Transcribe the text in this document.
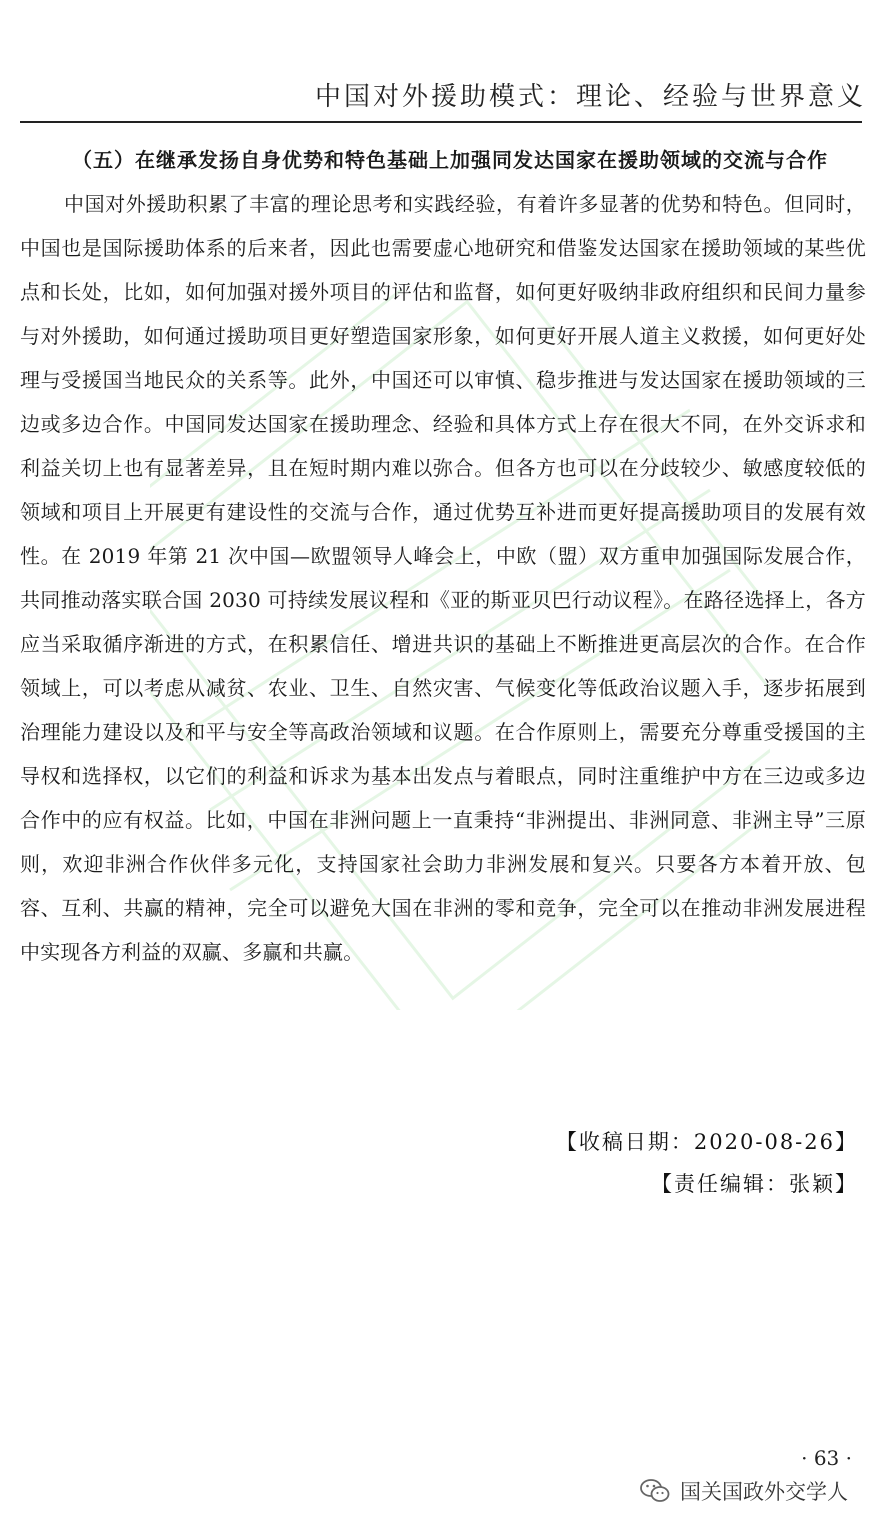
中国对外援助模式：理论、经验与世界意义
（五）在继承发扬自身优势和特色基础上加强同发达国家在援助领域的交流与合作

中国对外援助积累了丰富的理论思考和实践经验，有着许多显著的优势和特色。但同时，中国也是国际援助体系的后来者，因此也需要虚心地研究和借鉴发达国家在援助领域的某些优点和长处，比如，如何加强对援外项目的评估和监督，如何更好吸纳非政府组织和民间力量参与对外援助，如何通过援助项目更好塑造国家形象，如何更好开展人道主义救援，如何更好处理与受援国当地民众的关系等。此外，中国还可以审慎、稳步推进与发达国家在援助领域的三边或多边合作。中国同发达国家在援助理念、经验和具体方式上存在很大不同，在外交诉求和利益关切上也有显著差异，且在短时期内难以弥合。但各方也可以在分歧较少、敏感度较低的领域和项目上开展更有建设性的交流与合作，通过优势互补进而更好提高援助项目的发展有效性。在 2019 年第 21 次中国—欧盟领导人峰会上，中欧（盟）双方重申加强国际发展合作，共同推动落实联合国 2030 可持续发展议程和《亚的斯亚贝巴行动议程》。在路径选择上，各方应当采取循序渐进的方式，在积累信任、增进共识的基础上不断推进更高层次的合作。在合作领域上，可以考虑从减贫、农业、卫生、自然灾害、气候变化等低政治议题入手，逐步拓展到治理能力建设以及和平与安全等高政治领域和议题。在合作原则上，需要充分尊重受援国的主导权和选择权，以它们的利益和诉求为基本出发点与着眼点，同时注重维护中方在三边或多边合作中的应有权益。比如，中国在非洲问题上一直秉持“非洲提出、非洲同意、非洲主导”三原则，欢迎非洲合作伙伴多元化，支持国家社会助力非洲发展和复兴。只要各方本着开放、包容、互利、共赢的精神，完全可以避免大国在非洲的零和竞争，完全可以在推动非洲发展进程中实现各方利益的双赢、多赢和共赢。

【收稿日期：2020-08-26】
【责任编辑：张颖】
· 63 ·
国关国政外交学人
